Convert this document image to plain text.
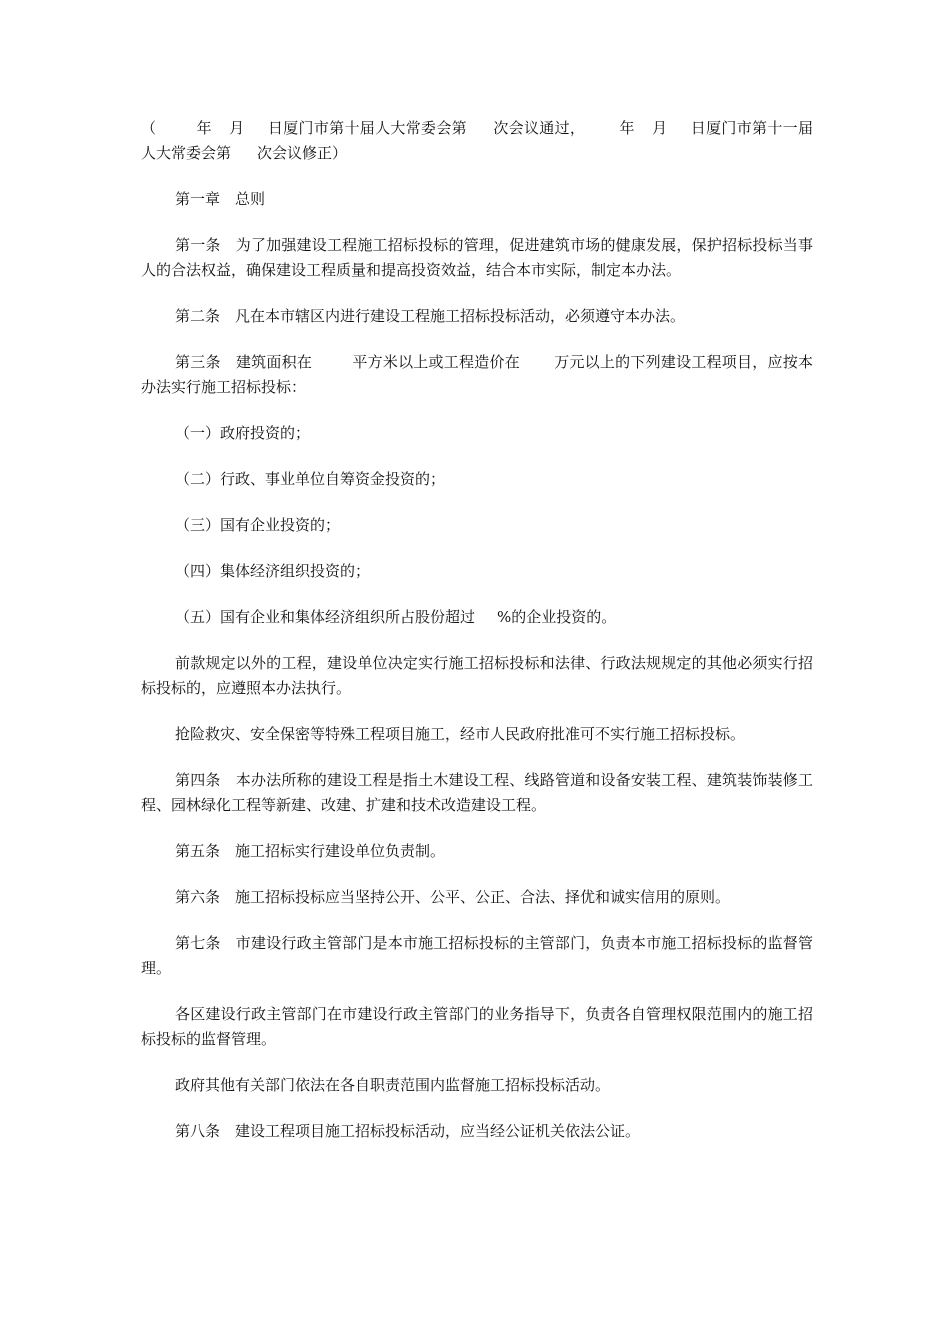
（	年 月 日厦门市第十届人大常委会第 次会议通过， 年 月 日厦门市第十一届人大常委会第 次会议修正）

第一章　总则

第一条　为了加强建设工程施工招标投标的管理，促进建筑市场的健康发展，保护招标投标当事人的合法权益，确保建设工程质量和提高投资效益，结合本市实际，制定本办法。

第二条　凡在本市辖区内进行建设工程施工招标投标活动，必须遵守本办法。

第三条　建筑面积在	平方米以上或工程造价在 万元以上的下列建设工程项目，应按本办法实行施工招标投标：

（一）政府投资的；

（二）行政、事业单位自筹资金投资的；

（三）国有企业投资的；

（四）集体经济组织投资的；

（五）国有企业和集体经济组织所占股份超过 %的企业投资的。

前款规定以外的工程，建设单位决定实行施工招标投标和法律、行政法规规定的其他必须实行招标投标的，应遵照本办法执行。

抢险救灾、安全保密等特殊工程项目施工，经市人民政府批准可不实行施工招标投标。

第四条　本办法所称的建设工程是指土木建设工程、线路管道和设备安装工程、建筑装饰装修工程、园林绿化工程等新建、改建、扩建和技术改造建设工程。

第五条　施工招标实行建设单位负责制。

第六条　施工招标投标应当坚持公开、公平、公正、合法、择优和诚实信用的原则。

第七条　市建设行政主管部门是本市施工招标投标的主管部门，负责本市施工招标投标的监督管理。

各区建设行政主管部门在市建设行政主管部门的业务指导下，负责各自管理权限范围内的施工招标投标的监督管理。

政府其他有关部门依法在各自职责范围内监督施工招标投标活动。

第八条　建设工程项目施工招标投标活动，应当经公证机关依法公证。
